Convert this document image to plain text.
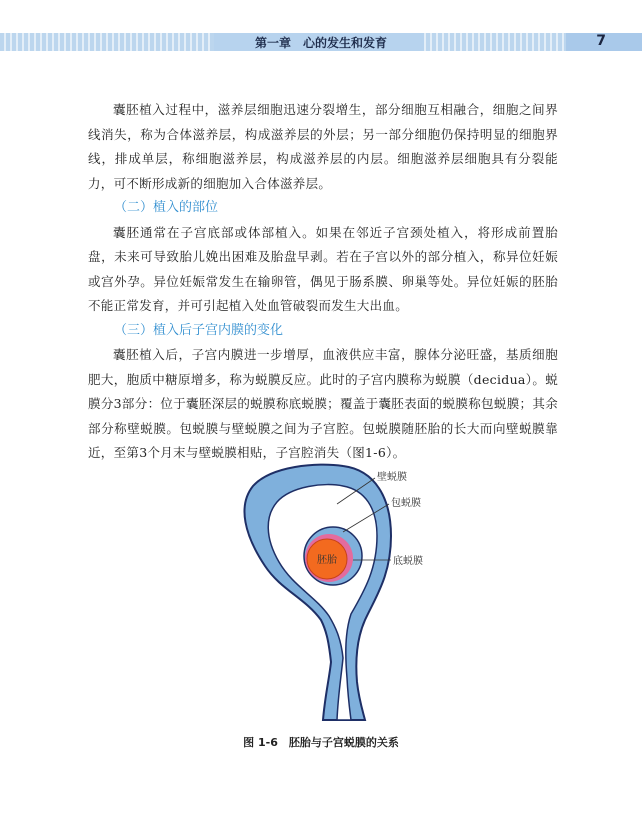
第一章　心的发生和发育	7

囊胚植入过程中，滋养层细胞迅速分裂增生，部分细胞互相融合，细胞之间界线消失，称为合体滋养层，构成滋养层的外层；另一部分细胞仍保持明显的细胞界线，排成单层，称细胞滋养层，构成滋养层的内层。细胞滋养层细胞具有分裂能力，可不断形成新的细胞加入合体滋养层。

（二）植入的部位

囊胚通常在子宫底部或体部植入。如果在邻近子宫颈处植入，将形成前置胎盘，未来可导致胎儿娩出困难及胎盘早剥。若在子宫以外的部分植入，称异位妊娠或宫外孕。异位妊娠常发生在输卵管，偶见于肠系膜、卵巢等处。异位妊娠的胚胎不能正常发育，并可引起植入处血管破裂而发生大出血。

（三）植入后子宫内膜的变化

囊胚植入后，子宫内膜进一步增厚，血液供应丰富，腺体分泌旺盛，基质细胞肥大，胞质中糖原增多，称为蜕膜反应。此时的子宫内膜称为蜕膜（decidua）。蜕膜分3部分：位于囊胚深层的蜕膜称底蜕膜；覆盖于囊胚表面的蜕膜称包蜕膜；其余部分称壁蜕膜。包蜕膜与壁蜕膜之间为子宫腔。包蜕膜随胚胎的长大而向壁蜕膜靠近，至第3个月末与壁蜕膜相贴，子宫腔消失（图1-6）。

胚胎
壁蜕膜
包蜕膜
底蜕膜
图 1-6　胚胎与子宫蜕膜的关系
